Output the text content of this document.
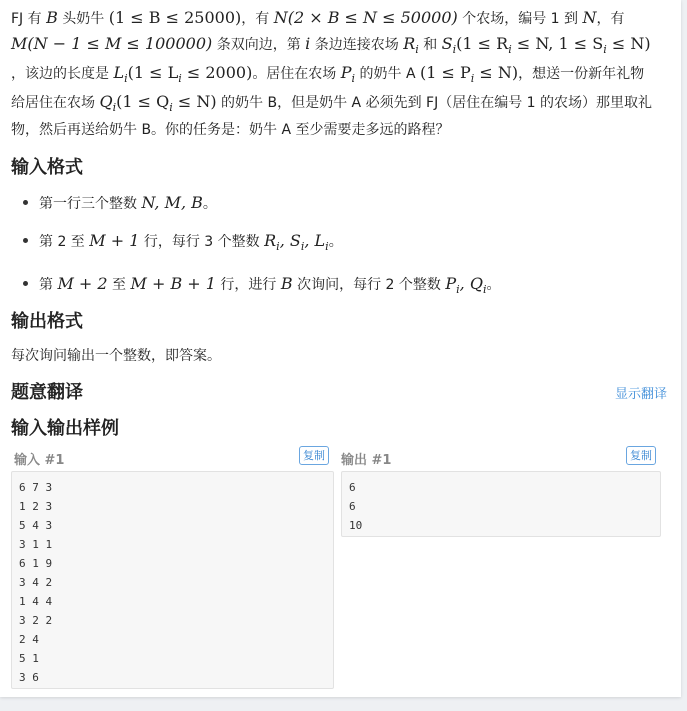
FJ 有 B 头奶牛 (1 ≤ B ≤ 25000)，有 N(2 × B ≤ N ≤ 50000) 个农场，编号 1 到 N，有
M(N − 1 ≤ M ≤ 100000) 条双向边，第 i 条边连接农场 $R_i$ 和 $S_i(1 \le R_i \le N$, $1 \le S_i \le N$)
，该边的长度是 $L_i(1 \le L_i \le 2000)$。居住在农场 $P_i$ 的奶牛 A $(1 \le P_i \le N)$，想送一份新年礼物
给居住在农场 $Q_i(1 \le Q_i \le N)$ 的奶牛 B，但是奶牛 A 必须先到 FJ（居住在编号 1 的农场）那里取礼
物，然后再送给奶牛 B。你的任务是：奶牛 A 至少需要走多远的路程？
输入格式
第一行三个整数 N, M, B。
第 2 至 M + 1 行，每行 3 个整数 $R_i$, $S_i$, $L_i$。
第 M + 2 至 M + B + 1 行，进行 B 次询问，每行 2 个整数 $P_i$, $Q_i$。
输出格式

每次询问输出一个整数，即答案。

题意翻译	显示翻译
输入输出样例
输入 #1	复制
6 7 3
1 2 3
5 4 3
3 1 1
6 1 9
3 4 2
1 4 4
3 2 2
2 4
5 1
3 6
输出 #1	复制
6
6
10
